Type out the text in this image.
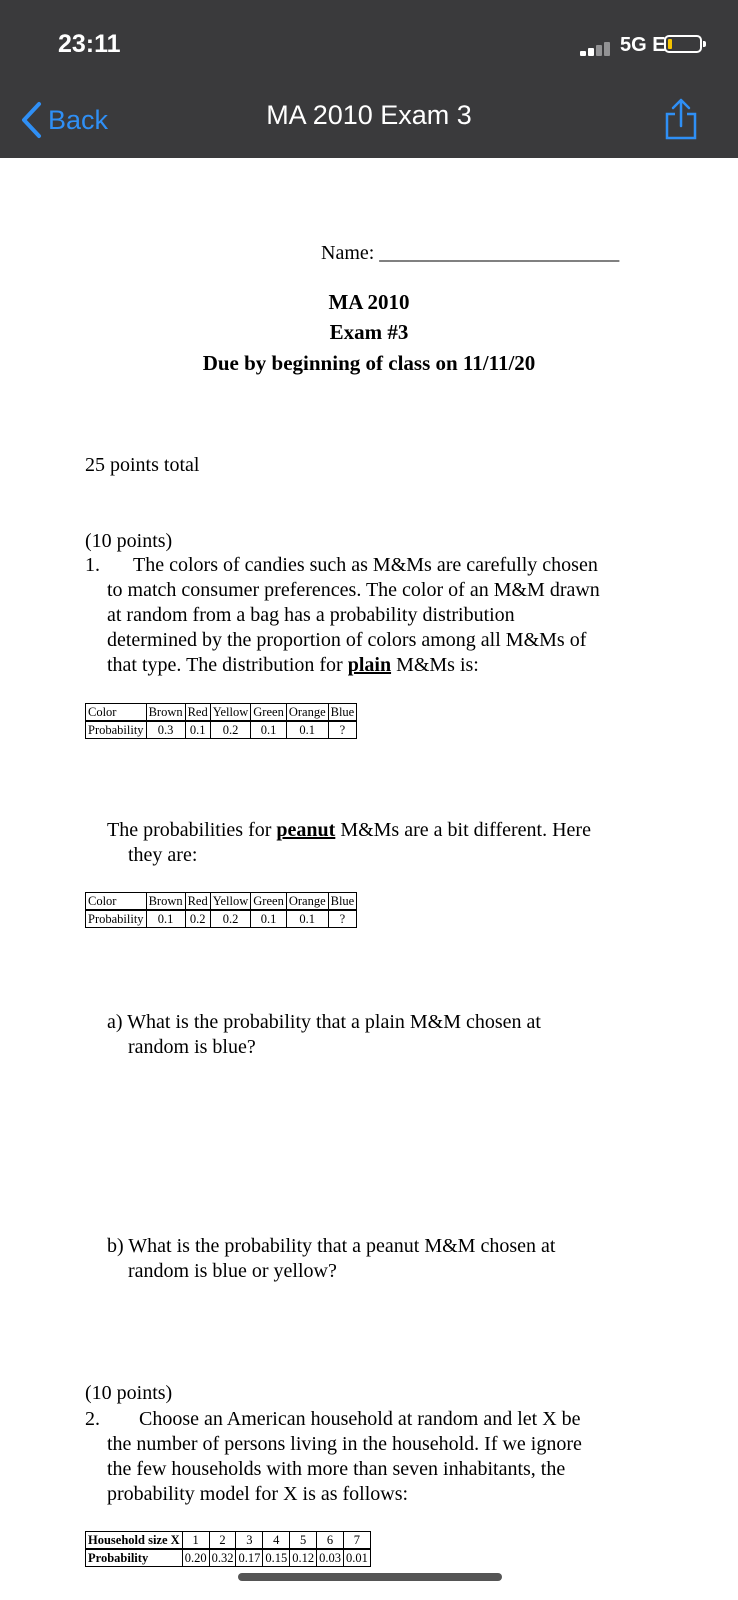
23:11	5G E
Back	MA 2010 Exam 3
Name: ________________________
MA 2010
Exam #3
Due by beginning of class on 11/11/20
25 points total
(10 points)
1. The colors of candies such as M&Ms are carefully chosen
to match consumer preferences. The color of an M&M drawn
at random from a bag has a probability distribution
determined by the proportion of colors among all M&Ms of
that type. The distribution for plain M&Ms is:
Color	Brown	Red	Yellow	Green	Orange	Blue
Probability	0.3	0.1	0.2	0.1	0.1	?
The probabilities for peanut M&Ms are a bit different. Here
they are:
Color	Brown	Red	Yellow	Green	Orange	Blue
Probability	0.1	0.2	0.2	0.1	0.1	?
a) What is the probability that a plain M&M chosen at
random is blue?
b) What is the probability that a peanut M&M chosen at
random is blue or yellow?
(10 points)
2. Choose an American household at random and let X be
the number of persons living in the household. If we ignore
the few households with more than seven inhabitants, the
probability model for X is as follows:
Household size X	1	2	3	4	5	6	7
Probability	0.20	0.32	0.17	0.15	0.12	0.03	0.01
